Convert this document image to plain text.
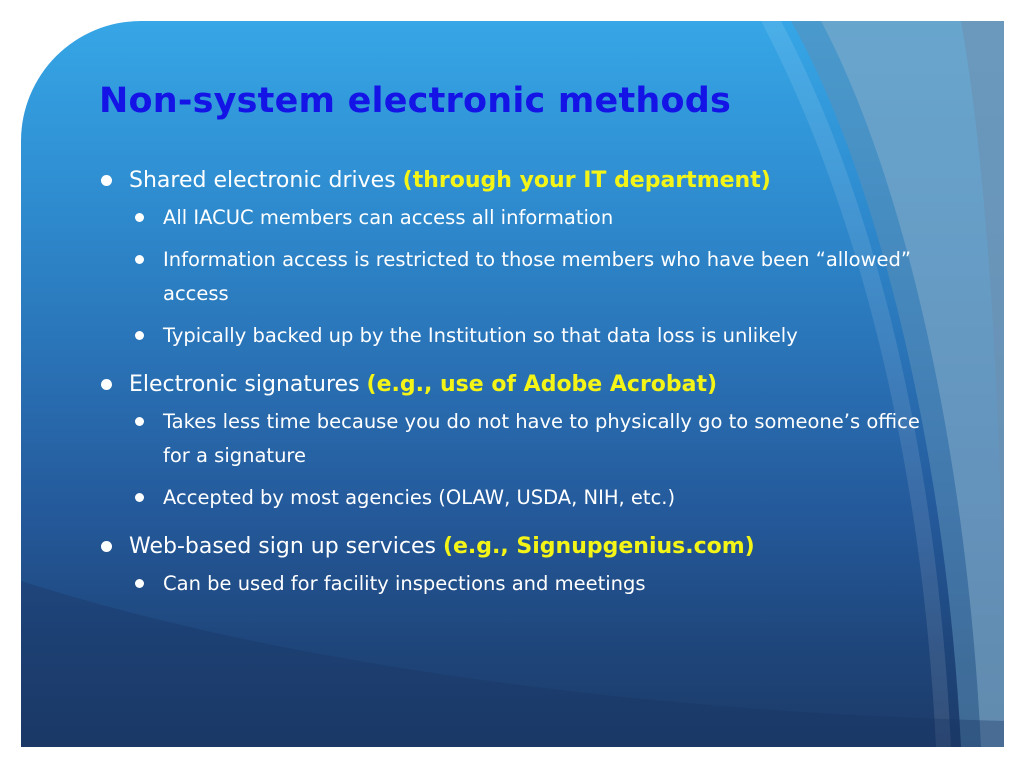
Non-system electronic methods
Shared electronic drives (through your IT department)
All IACUC members can access all information
Information access is restricted to those members who have been “allowed” access
Typically backed up by the Institution so that data loss is unlikely
Electronic signatures (e.g., use of Adobe Acrobat)
Takes less time because you do not have to physically go to someone’s office for a signature
Accepted by most agencies (OLAW, USDA, NIH, etc.)
Web-based sign up services (e.g., Signupgenius.com)
Can be used for facility inspections and meetings
